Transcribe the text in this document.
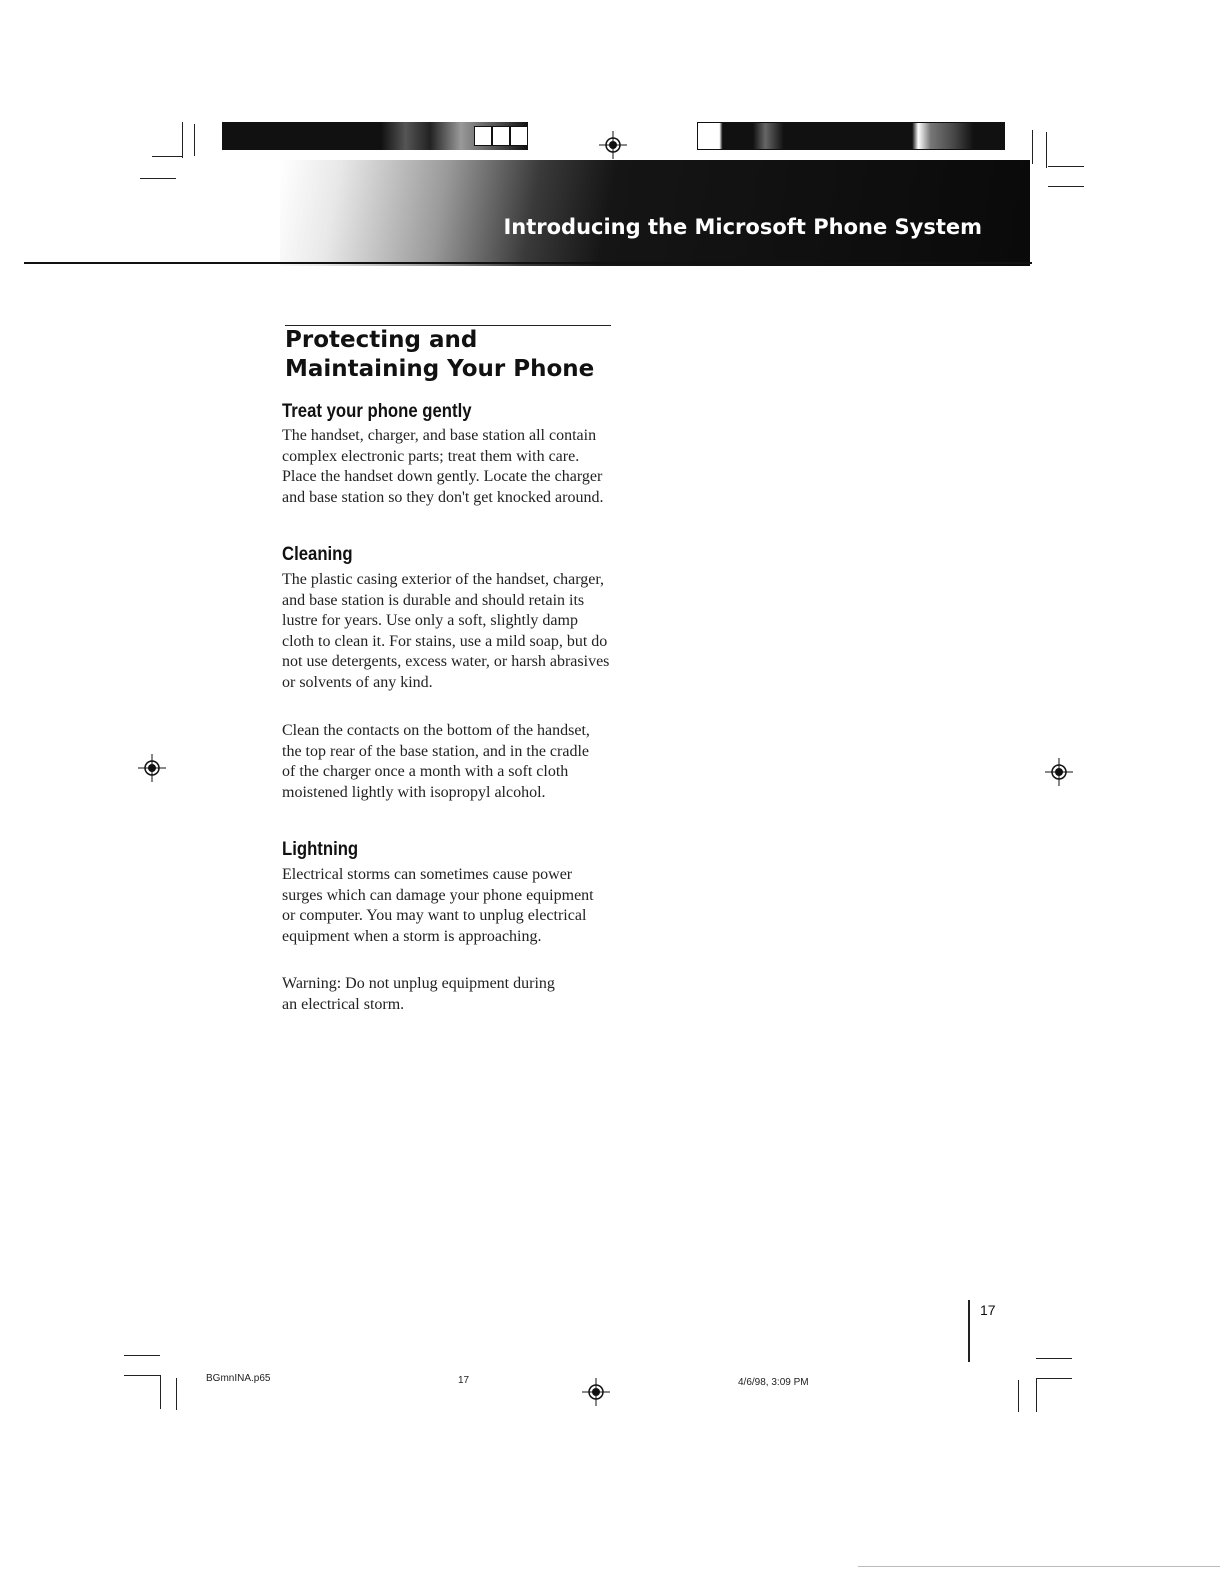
Introducing the Microsoft Phone System
Protecting and Maintaining Your Phone
Treat your phone gently

The handset, charger, and base station all contain complex electronic parts; treat them with care. Place the handset down gently. Locate the charger and base station so they don't get knocked around.

Cleaning

The plastic casing exterior of the handset, charger, and base station is durable and should retain its lustre for years. Use only a soft, slightly damp cloth to clean it. For stains, use a mild soap, but do not use detergents, excess water, or harsh abrasives or solvents of any kind.

Clean the contacts on the bottom of the handset, the top rear of the base station, and in the cradle of the charger once a month with a soft cloth moistened lightly with isopropyl alcohol.

Lightning

Electrical storms can sometimes cause power surges which can damage your phone equipment or computer. You may want to unplug electrical equipment when a storm is approaching.

Warning: Do not unplug equipment during an electrical storm.

17
BGmnINA.p65	17	4/6/98, 3:09 PM
